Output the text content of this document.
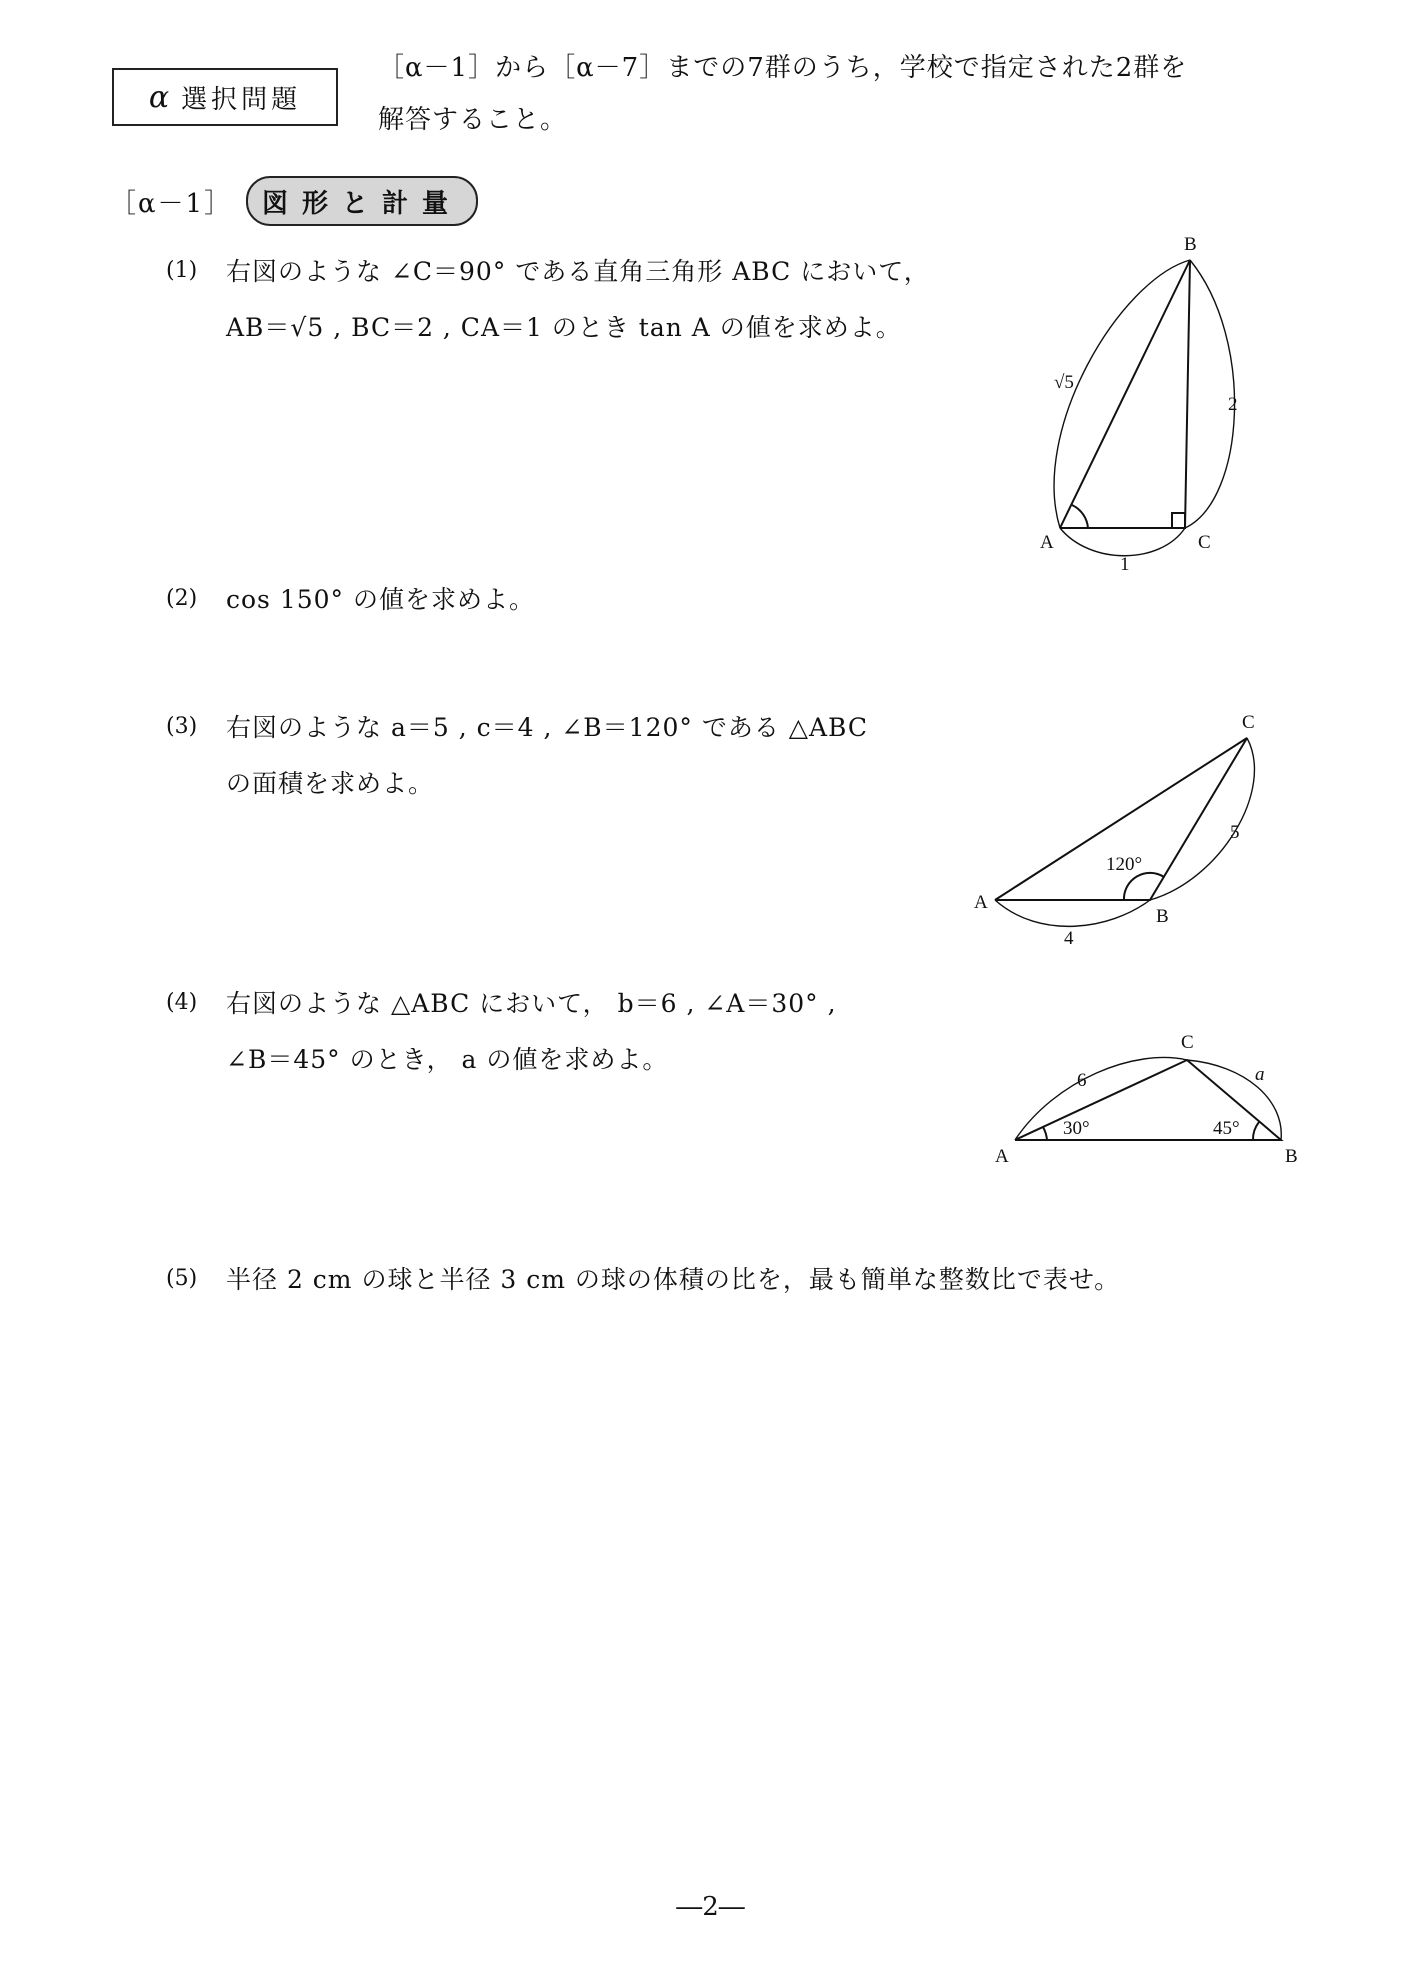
α 選択問題
［α－1］から［α－7］までの7群のうち，学校で指定された2群を
解答すること。
［α－1］	図形と計量
(1) 右図のような ∠C＝90° である直角三角形 ABC において，
AB＝√5 , BC＝2 , CA＝1 のとき tan A の値を求めよ。
B
A	C
√5
2
1
(2) cos 150° の値を求めよ。
(3) 右図のような a＝5 , c＝4 , ∠B＝120° である △ABC
の面積を求めよ。
C
A
B
5
4
120°
(4) 右図のような △ABC において， b＝6 , ∠A＝30° ,
∠B＝45° のとき， a の値を求めよ。
C
A	B
6	a
30°	45°
(5) 半径 2 cm の球と半径 3 cm の球の体積の比を，最も簡単な整数比で表せ。
―2―
